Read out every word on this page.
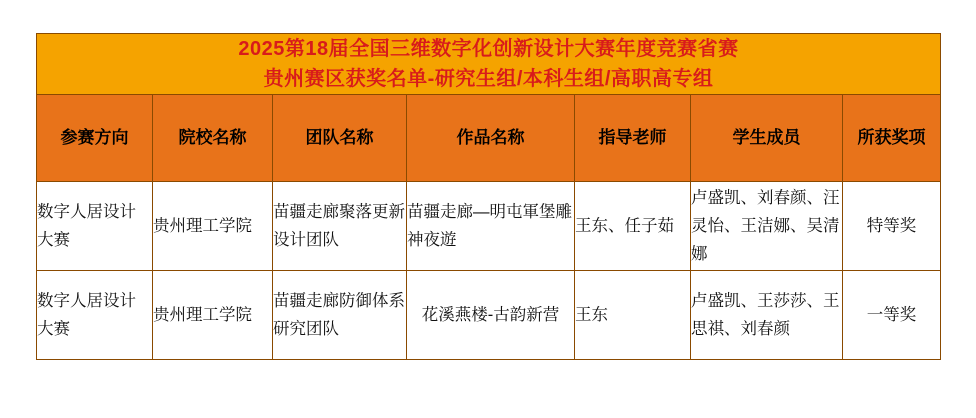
2025第18届全国三维数字化创新设计大赛年度竞赛省赛
贵州赛区获奖名单-研究生组/本科生组/高职高专组						

参赛方向	院校名称	团队名称	作品名称	指导老师	学生成员	所获奖项
数字人居设计大赛	贵州理工学院	苗疆走廊聚落更新设计团队	苗疆走廊—明屯軍堡雕神夜遊	王东、任子茹	卢盛凯、刘春颜、汪灵怡、王洁娜、吴清娜	特等奖
数字人居设计大赛	贵州理工学院	苗疆走廊防御体系研究团队	花溪燕楼-古韵新营	王东	卢盛凯、王莎莎、王思祺、刘春颜	一等奖
